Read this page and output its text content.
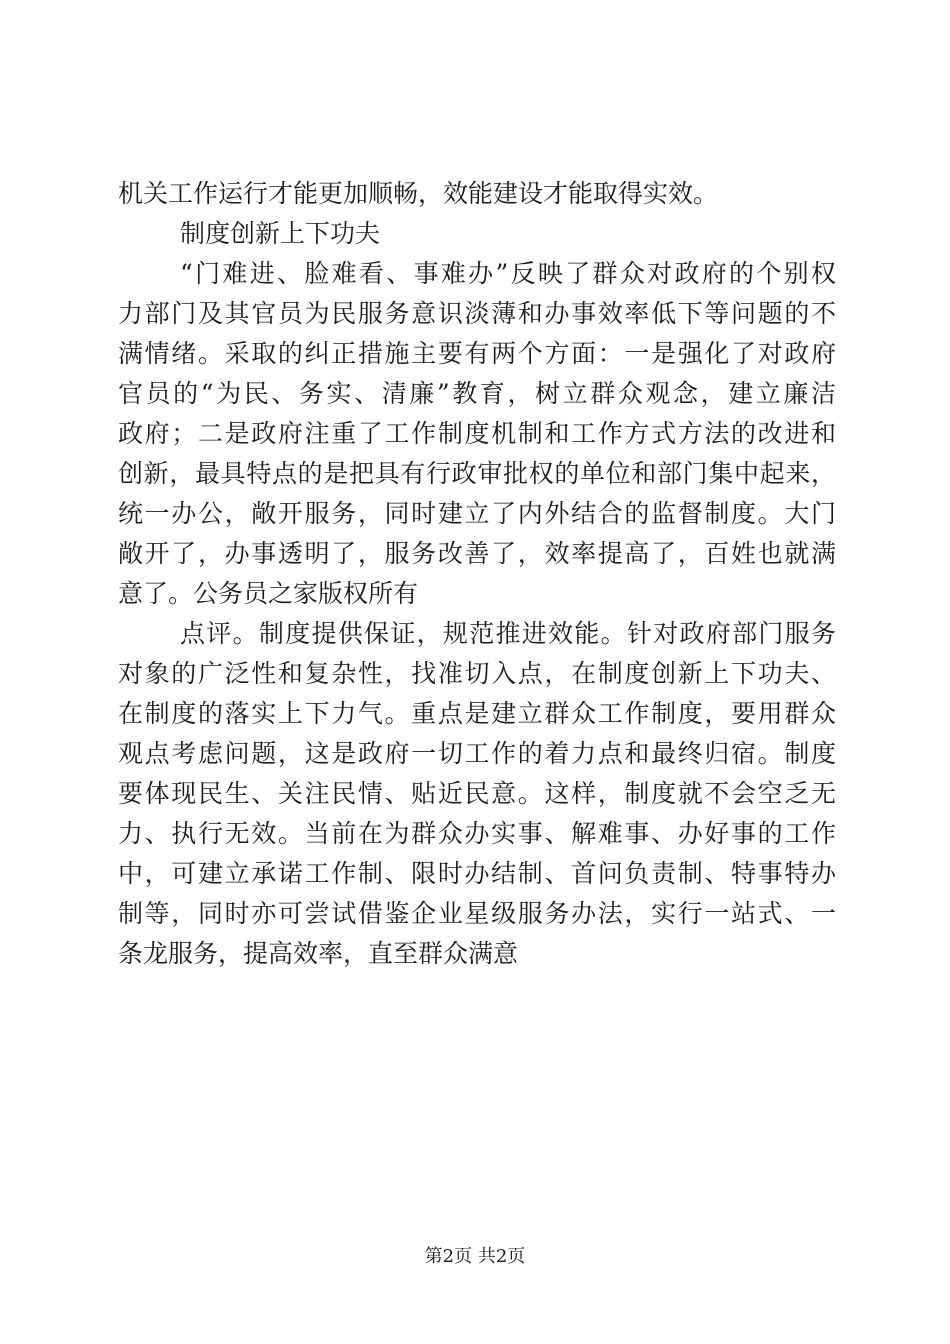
机关工作运行才能更加顺畅，效能建设才能取得实效。
制度创新上下功夫
“门难进、脸难看、事难办”反映了群众对政府的个别权
力部门及其官员为民服务意识淡薄和办事效率低下等问题的不
满情绪。采取的纠正措施主要有两个方面：一是强化了对政府
官员的“为民、务实、清廉”教育，树立群众观念，建立廉洁
政府；二是政府注重了工作制度机制和工作方式方法的改进和
创新，最具特点的是把具有行政审批权的单位和部门集中起来，
统一办公，敞开服务，同时建立了内外结合的监督制度。大门
敞开了，办事透明了，服务改善了，效率提高了，百姓也就满
意了。公务员之家版权所有
点评。制度提供保证，规范推进效能。针对政府部门服务
对象的广泛性和复杂性，找准切入点，在制度创新上下功夫、
在制度的落实上下力气。重点是建立群众工作制度，要用群众
观点考虑问题，这是政府一切工作的着力点和最终归宿。制度
要体现民生、关注民情、贴近民意。这样，制度就不会空乏无
力、执行无效。当前在为群众办实事、解难事、办好事的工作
中，可建立承诺工作制、限时办结制、首问负责制、特事特办
制等，同时亦可尝试借鉴企业星级服务办法，实行一站式、一
条龙服务，提高效率，直至群众满意
第2页 共2页
